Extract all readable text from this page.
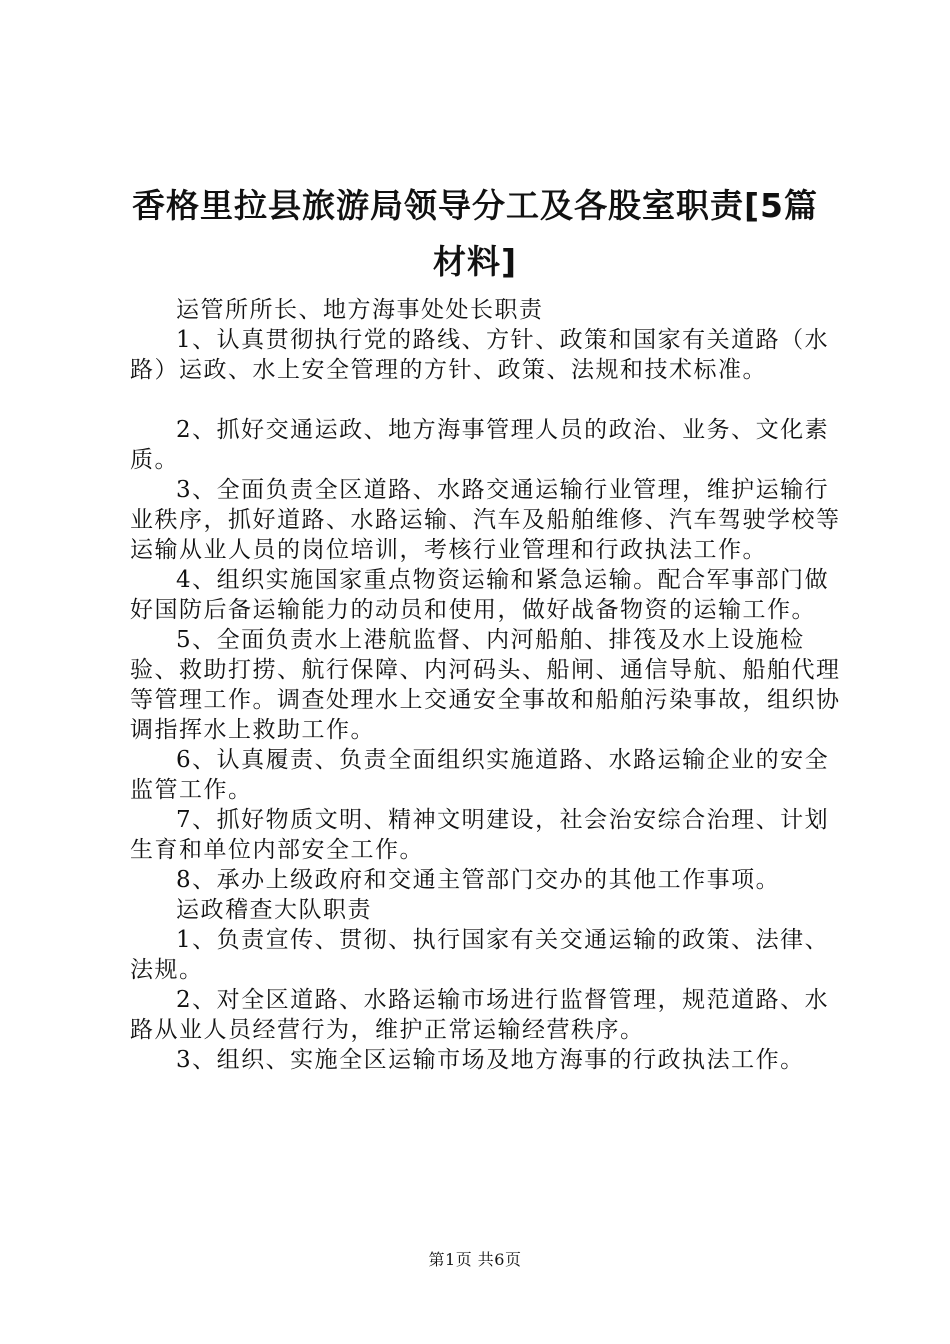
香格里拉县旅游局领导分工及各股室职责[5篇材料]

运管所所长、地方海事处处长职责

1、认真贯彻执行党的路线、方针、政策和国家有关道路（水路）运政、水上安全管理的方针、政策、法规和技术标准。

2、抓好交通运政、地方海事管理人员的政治、业务、文化素质。

3、全面负责全区道路、水路交通运输行业管理，维护运输行业秩序，抓好道路、水路运输、汽车及船舶维修、汽车驾驶学校等运输从业人员的岗位培训，考核行业管理和行政执法工作。

4、组织实施国家重点物资运输和紧急运输。配合军事部门做好国防后备运输能力的动员和使用，做好战备物资的运输工作。

5、全面负责水上港航监督、内河船舶、排筏及水上设施检验、救助打捞、航行保障、内河码头、船闸、通信导航、船舶代理等管理工作。调查处理水上交通安全事故和船舶污染事故，组织协调指挥水上救助工作。

6、认真履责、负责全面组织实施道路、水路运输企业的安全监管工作。

7、抓好物质文明、精神文明建设，社会治安综合治理、计划生育和单位内部安全工作。

8、承办上级政府和交通主管部门交办的其他工作事项。

运政稽查大队职责

1、负责宣传、贯彻、执行国家有关交通运输的政策、法律、法规。

2、对全区道路、水路运输市场进行监督管理，规范道路、水路从业人员经营行为，维护正常运输经营秩序。

3、组织、实施全区运输市场及地方海事的行政执法工作。

第1页 共6页
